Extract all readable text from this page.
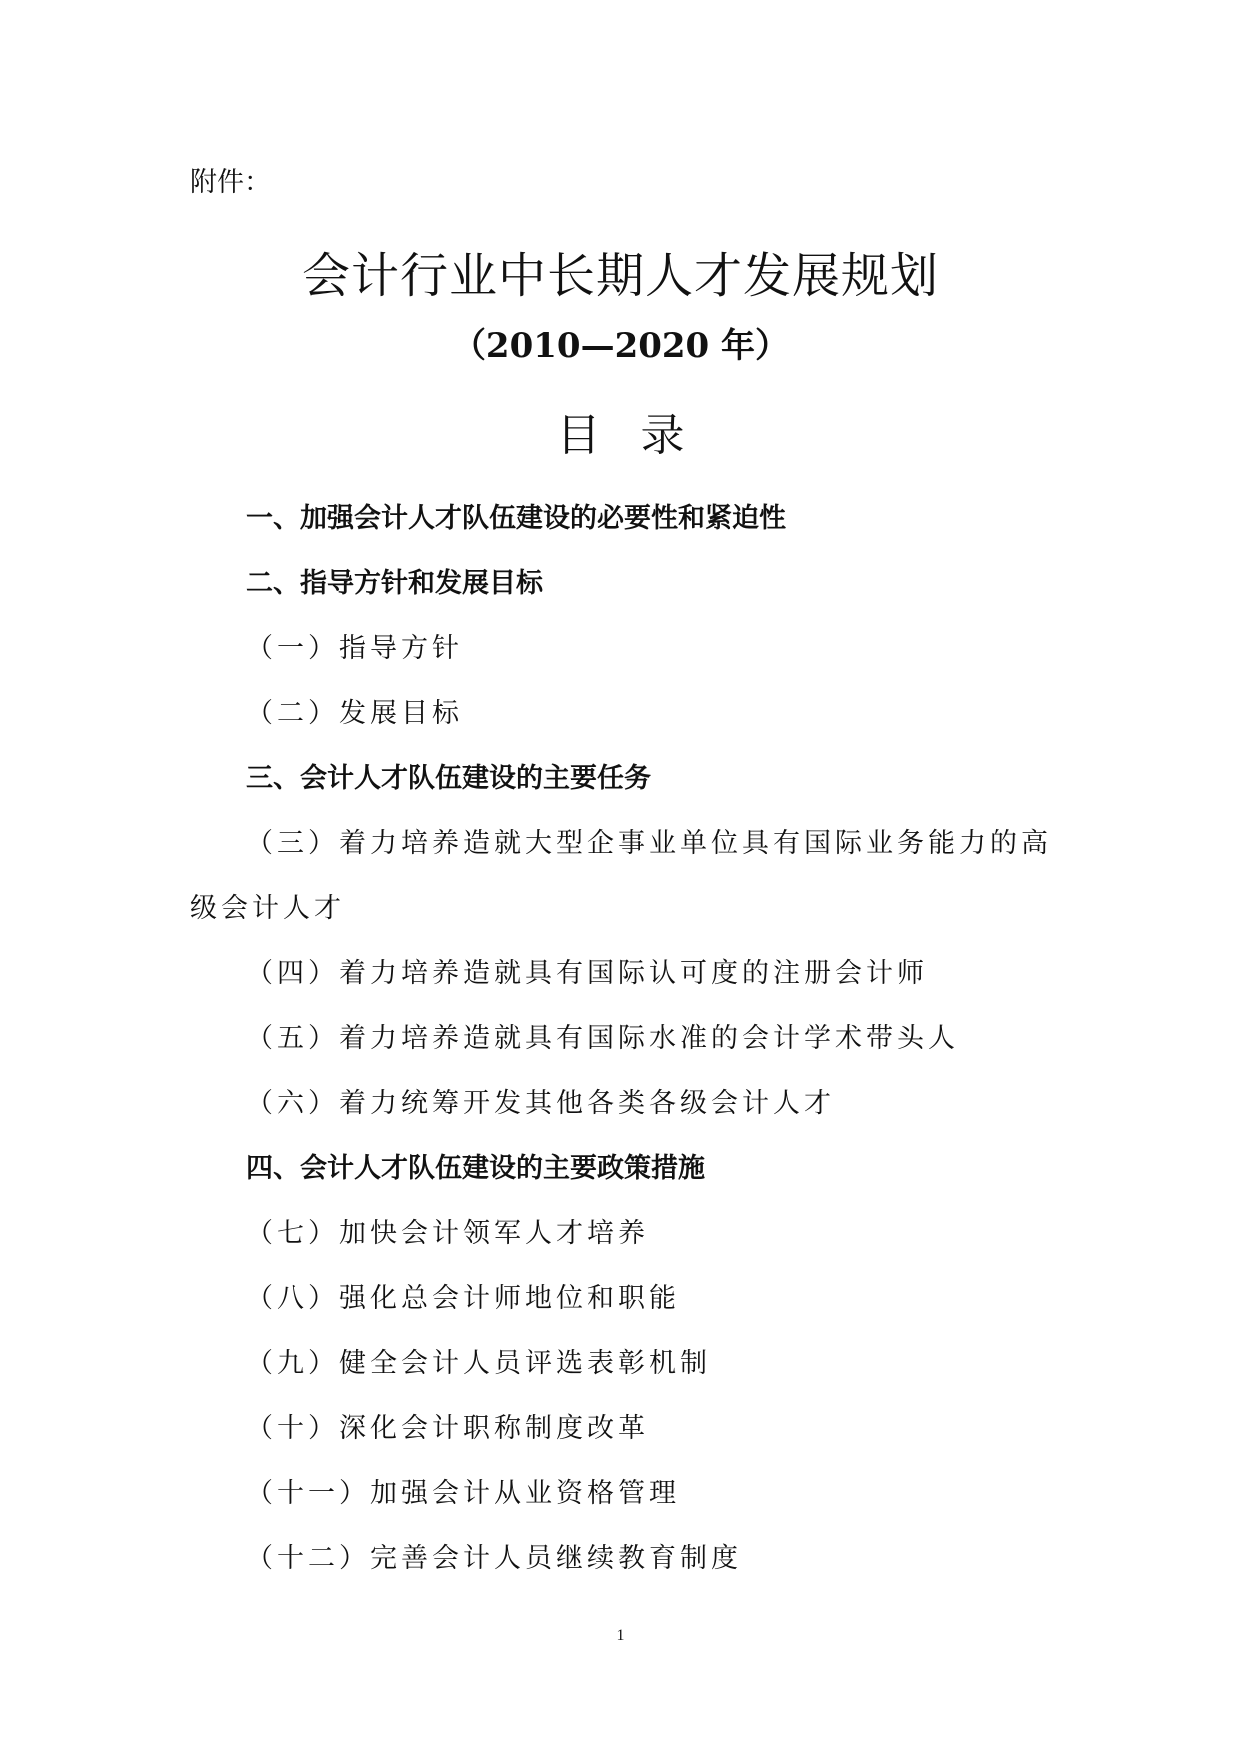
附件：
会计行业中长期人才发展规划
（2010—2020 年）
目录
一、加强会计人才队伍建设的必要性和紧迫性
二、指导方针和发展目标
（一）指导方针
（二）发展目标
三、会计人才队伍建设的主要任务
（三）着力培养造就大型企事业单位具有国际业务能力的高级会计人才
（四）着力培养造就具有国际认可度的注册会计师
（五）着力培养造就具有国际水准的会计学术带头人
（六）着力统筹开发其他各类各级会计人才
四、会计人才队伍建设的主要政策措施
（七）加快会计领军人才培养
（八）强化总会计师地位和职能
（九）健全会计人员评选表彰机制
（十）深化会计职称制度改革
（十一）加强会计从业资格管理
（十二）完善会计人员继续教育制度
1
